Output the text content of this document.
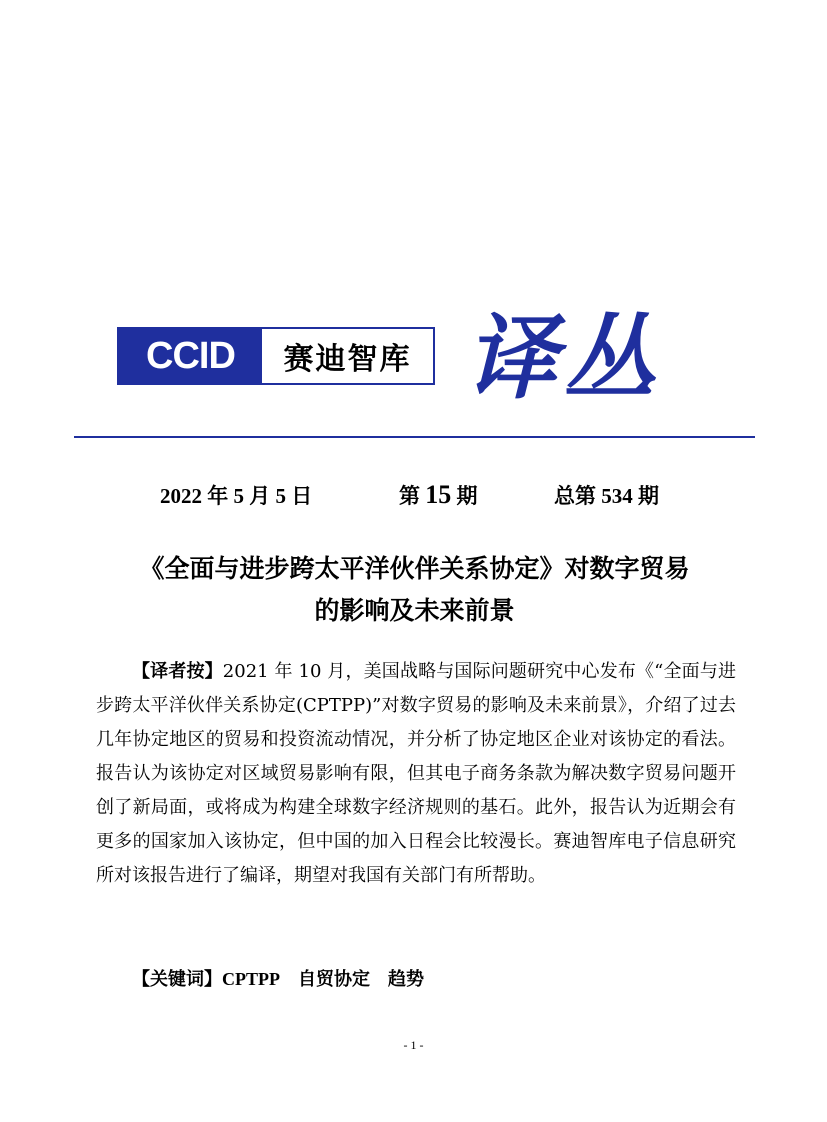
CCID	赛迪智库 译丛
2022 年 5 月 5 日	第 15 期	总第 534 期
《全面与进步跨太平洋伙伴关系协定》对数字贸易
的影响及未来前景

【译者按】2021 年 10 月，美国战略与国际问题研究中心发布《“全面与进步跨太平洋伙伴关系协定(CPTPP)”对数字贸易的影响及未来前景》，介绍了过去几年协定地区的贸易和投资流动情况，并分析了协定地区企业对该协定的看法。报告认为该协定对区域贸易影响有限，但其电子商务条款为解决数字贸易问题开创了新局面，或将成为构建全球数字经济规则的基石。此外，报告认为近期会有更多的国家加入该协定，但中国的加入日程会比较漫长。赛迪智库电子信息研究所对该报告进行了编译，期望对我国有关部门有所帮助。

【关键词】CPTPP 自贸协定 趋势
- 1 -
